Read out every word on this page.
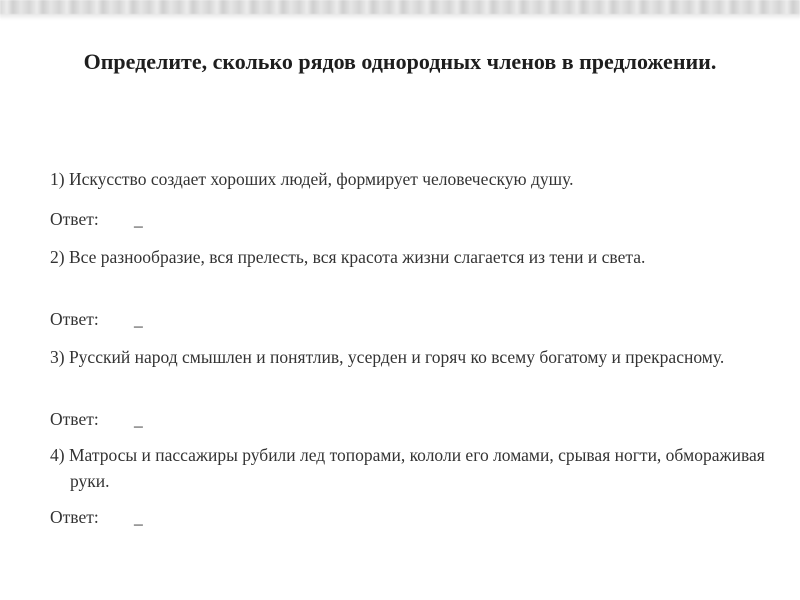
Определите, сколько рядов однородных членов в предложении.

1) Искусство создает хороших людей, формирует человеческую душу.

Ответ: _

2) Все разнообразие, вся прелесть, вся красота жизни слагается из тени и света.

Ответ: _

3) Русский народ смышлен и понятлив, усерден и горяч ко всему богатому и прекрасному.

Ответ: _

4) Матросы и пассажиры рубили лед топорами, кололи его ломами, срывая ногти, обмораживая руки.

Ответ: _
